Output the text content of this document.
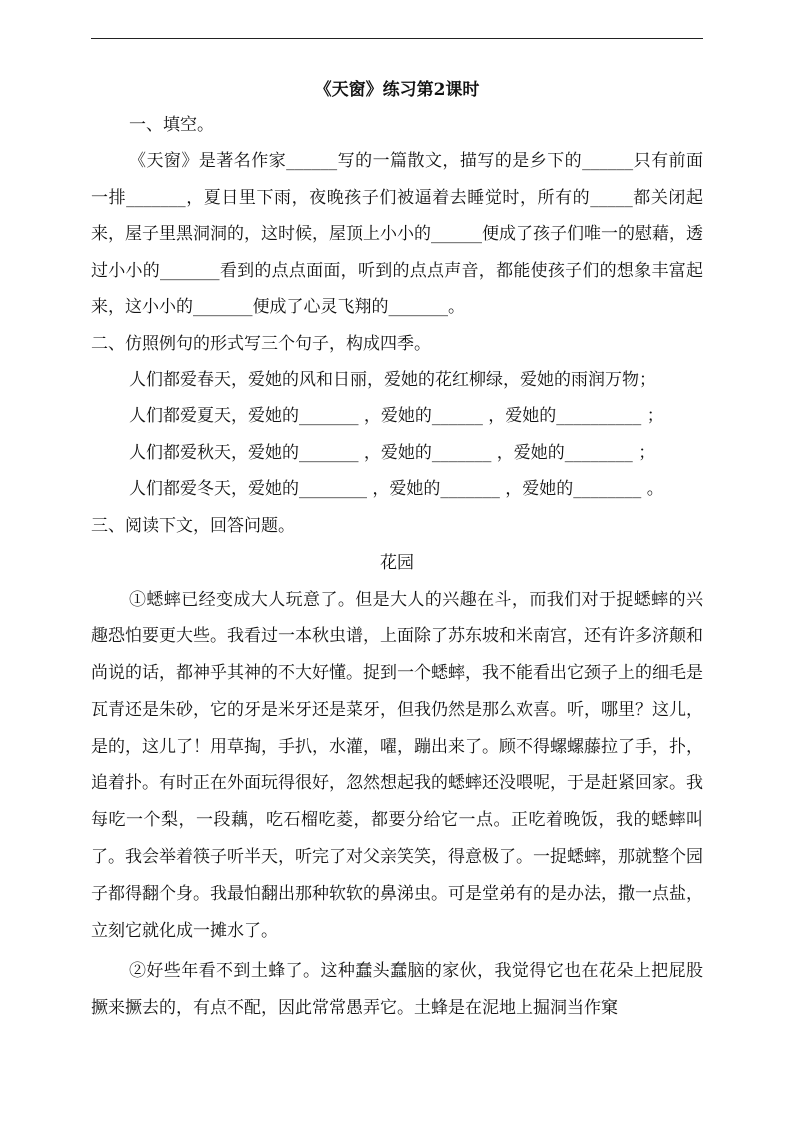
《天窗》练习第2课时

一、填空。

《天窗》是著名作家______写的一篇散文，描写的是乡下的______只有前面一排_______，夏日里下雨，夜晚孩子们被逼着去睡觉时，所有的_____都关闭起来，屋子里黑洞洞的，这时候，屋顶上小小的______便成了孩子们唯一的慰藉，透过小小的_______看到的点点面面，听到的点点声音，都能使孩子们的想象丰富起来，这小小的_______便成了心灵飞翔的_______。

二、仿照例句的形式写三个句子，构成四季。

人们都爱春天，爱她的风和日丽，爱她的花红柳绿，爱她的雨润万物；

人们都爱夏天，爱她的_______ ，爱她的______ ，爱她的__________ ；

人们都爱秋天，爱她的_______ ，爱她的_______ ，爱她的________ ；

人们都爱冬天，爱她的________ ，爱她的_______ ，爱她的________ 。

三、阅读下文，回答问题。

花园

①蟋蟀已经变成大人玩意了。但是大人的兴趣在斗，而我们对于捉蟋蟀的兴趣恐怕要更大些。我看过一本秋虫谱，上面除了苏东坡和米南宫，还有许多济颠和尚说的话，都神乎其神的不大好懂。捉到一个蟋蟀，我不能看出它颈子上的细毛是瓦青还是朱砂，它的牙是米牙还是菜牙，但我仍然是那么欢喜。听，哪里？这儿，是的，这儿了！用草掏，手扒，水灌，嚁，蹦出来了。顾不得螺螺藤拉了手，扑，追着扑。有时正在外面玩得很好，忽然想起我的蟋蟀还没喂呢，于是赶紧回家。我每吃一个梨，一段藕，吃石榴吃菱，都要分给它一点。正吃着晚饭，我的蟋蟀叫了。我会举着筷子听半天，听完了对父亲笑笑，得意极了。一捉蟋蟀，那就整个园子都得翻个身。我最怕翻出那种软软的鼻涕虫。可是堂弟有的是办法，撒一点盐，立刻它就化成一摊水了。

②好些年看不到土蜂了。这种蠢头蠢脑的家伙，我觉得它也在花朵上把屁股撅来撅去的，有点不配，因此常常愚弄它。土蜂是在泥地上掘洞当作窠
